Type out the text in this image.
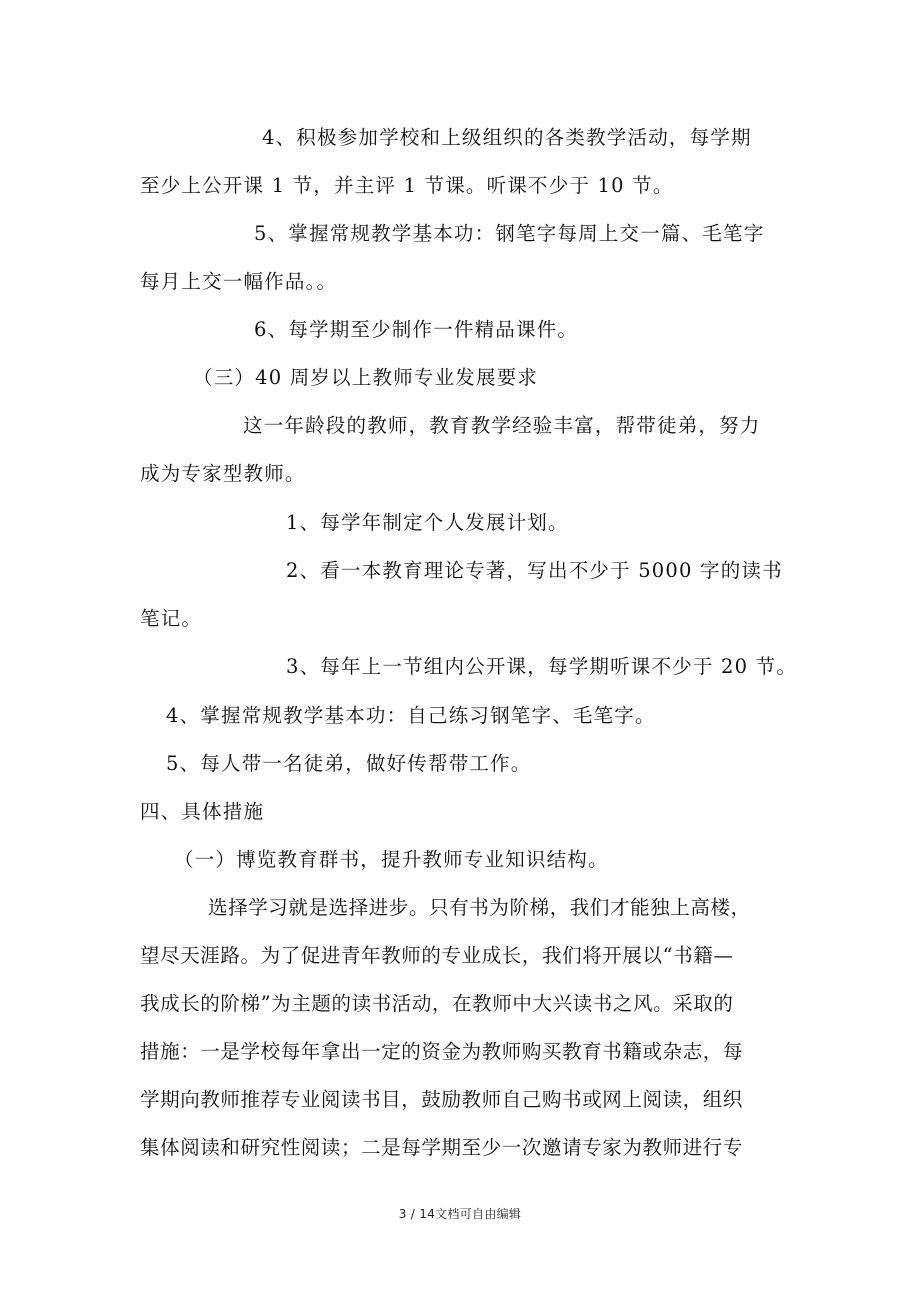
4、积极参加学校和上级组织的各类教学活动，每学期
至少上公开课 1 节，并主评 1 节课。听课不少于 10 节。
5、掌握常规教学基本功：钢笔字每周上交一篇、毛笔字
每月上交一幅作品。。
6、每学期至少制作一件精品课件。
（三）40 周岁以上教师专业发展要求
这一年龄段的教师，教育教学经验丰富，帮带徒弟，努力
成为专家型教师。
1、每学年制定个人发展计划。
2、看一本教育理论专著，写出不少于 5000 字的读书
笔记。
3、每年上一节组内公开课，每学期听课不少于 20 节。
4、掌握常规教学基本功：自己练习钢笔字、毛笔字。
5、每人带一名徒弟，做好传帮带工作。
四、具体措施
（一）博览教育群书，提升教师专业知识结构。
选择学习就是选择进步。只有书为阶梯，我们才能独上高楼，
望尽天涯路。为了促进青年教师的专业成长，我们将开展以“书籍—
我成长的阶梯”为主题的读书活动，在教师中大兴读书之风。采取的
措施：一是学校每年拿出一定的资金为教师购买教育书籍或杂志，每
学期向教师推荐专业阅读书目，鼓励教师自己购书或网上阅读，组织
集体阅读和研究性阅读；二是每学期至少一次邀请专家为教师进行专
3 / 14文档可自由编辑
